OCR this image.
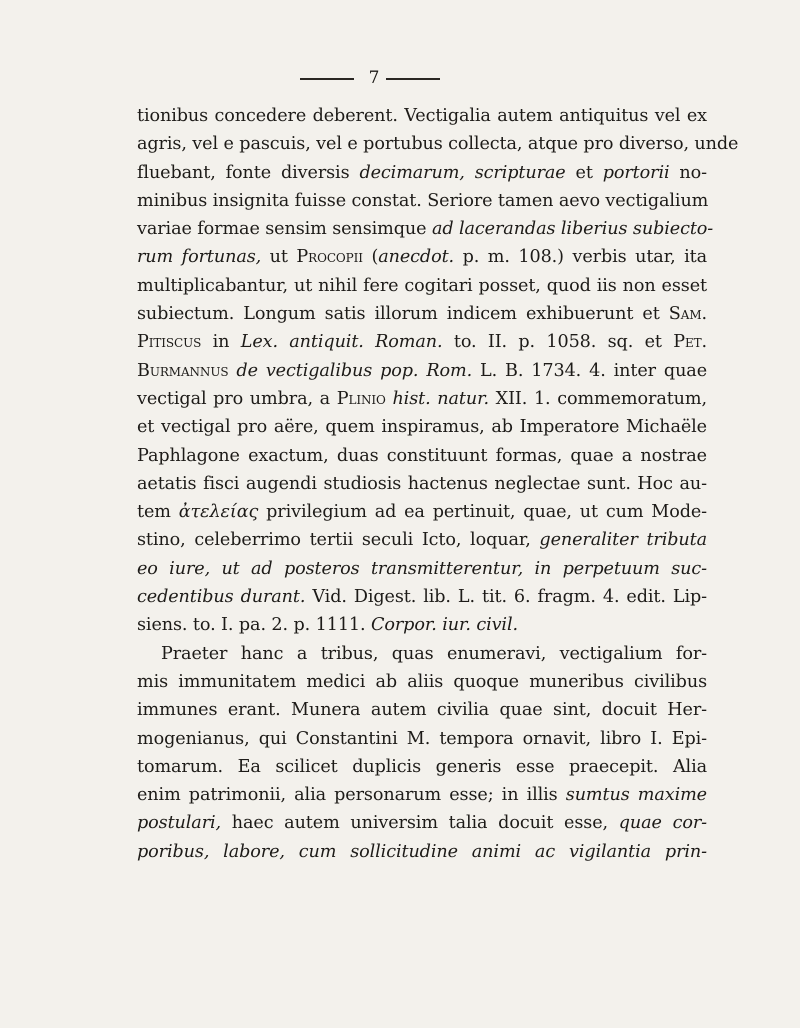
7
tionibus concedere deberent. Vectigalia autem antiquitus vel ex
agris, vel e pascuis, vel e portubus collecta, atque pro diverso, unde
fluebant, fonte diversis decimarum, scripturae et portorii no-
minibus insignita fuisse constat. Seriore tamen aevo vectigalium
variae formae sensim sensimque ad lacerandas liberius subiecto-
rum fortunas, ut Procopii (anecdot. p. m. 108.) verbis utar, ita
multiplicabantur, ut nihil fere cogitari posset, quod iis non esset
subiectum. Longum satis illorum indicem exhibuerunt et Sam.
Pitiscus in Lex. antiquit. Roman. to. II. p. 1058. sq. et Pet.
Burmannus de vectigalibus pop. Rom. L. B. 1734. 4. inter quae
vectigal pro umbra, a Plinio hist. natur. XII. 1. commemoratum,
et vectigal pro aëre, quem inspiramus, ab Imperatore Michaële
Paphlagone exactum, duas constituunt formas, quae a nostrae
aetatis fisci augendi studiosis hactenus neglectae sunt. Hoc au-
tem ἀτελείας privilegium ad ea pertinuit, quae, ut cum Mode-
stino, celeberrimo tertii seculi Icto, loquar, generaliter tributa
eo iure, ut ad posteros transmitterentur, in perpetuum suc-
cedentibus durant. Vid. Digest. lib. L. tit. 6. fragm. 4. edit. Lip-
siens. to. I. pa. 2. p. 1111. Corpor. iur. civil.
Praeter hanc a tribus, quas enumeravi, vectigalium for-
mis immunitatem medici ab aliis quoque muneribus civilibus
immunes erant. Munera autem civilia quae sint, docuit Her-
mogenianus, qui Constantini M. tempora ornavit, libro I. Epi-
tomarum. Ea scilicet duplicis generis esse praecepit. Alia
enim patrimonii, alia personarum esse; in illis sumtus maxime
postulari, haec autem universim talia docuit esse, quae cor-
poribus, labore, cum sollicitudine animi ac vigilantia prin-
